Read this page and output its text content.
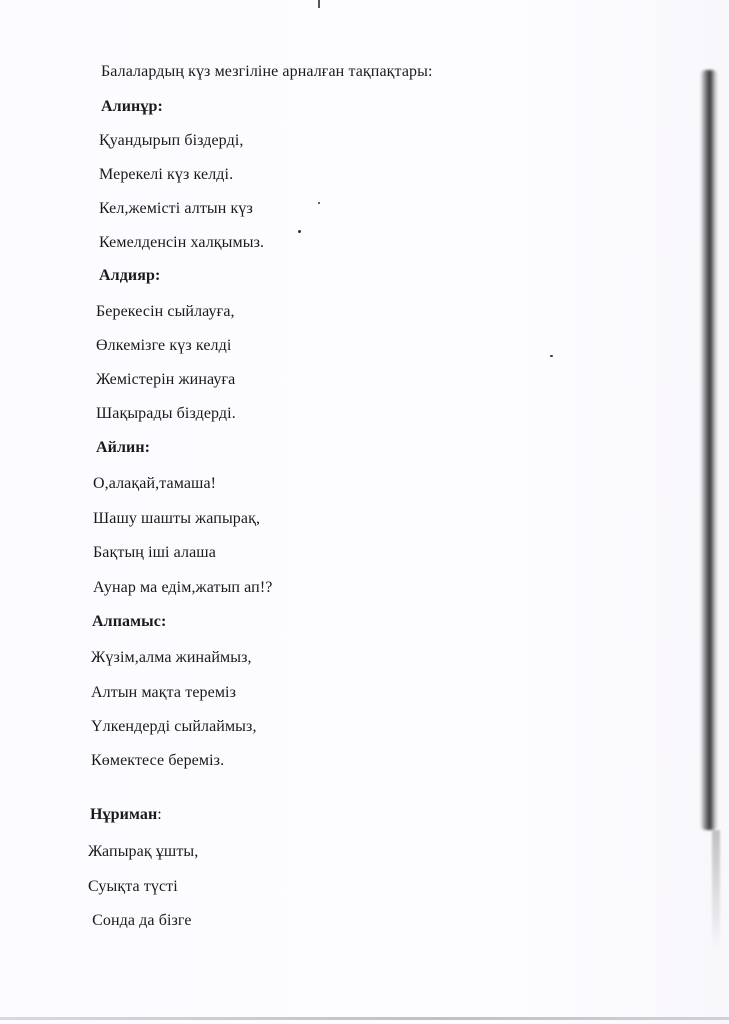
Балалардың күз мезгіліне арналған тақпақтары:
Алинұр:
Қуандырып біздерді,
Мерекелі күз келді.
Кел,жемісті алтын күз
Кемелденсін халқымыз.
Алдияр:
Берекесін сыйлауға,
Өлкемізге күз келді
Жемістерін жинауға
Шақырады біздерді.
Айлин:
О,алақай,тамаша!
Шашу шашты жапырақ,
Бақтың іші алаша
Аунар ма едім,жатып ап!?
Алпамыс:
Жүзім,алма жинаймыз,
Алтын мақта тереміз
Үлкендерді сыйлаймыз,
Көмектесе береміз.
Нұриман:
Жапырақ ұшты,
Суықта түсті
Сонда да бізге
